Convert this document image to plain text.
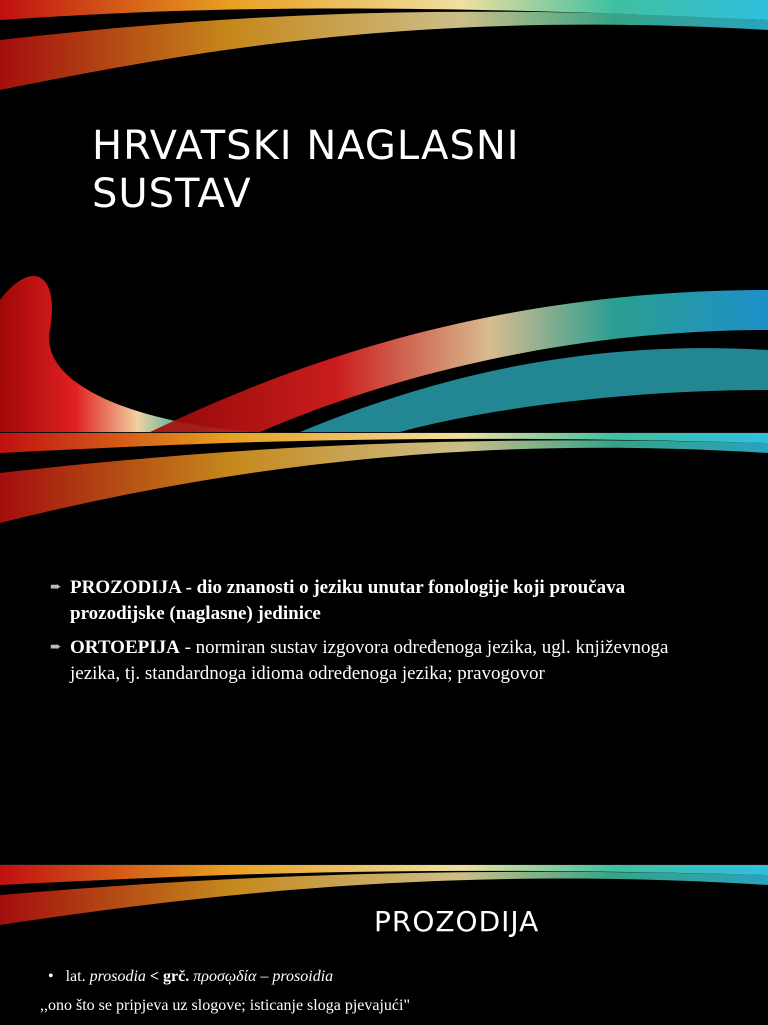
HRVATSKI NAGLASNI
SUSTAV
➨ PROZODIJA - dio znanosti o jeziku unutar fonologije koji proučava prozodijske (naglasne) jedinice
➨ ORTOEPIJA - normiran sustav izgovora određenoga jezika, ugl. književnoga jezika, tj. standardnoga idioma određenoga jezika; pravogovor
PROZODIJA
• lat. prosodia < grč. προσῳδία – prosoidia
,,ono što se pripjeva uz slogove; isticanje sloga pjevajući"
